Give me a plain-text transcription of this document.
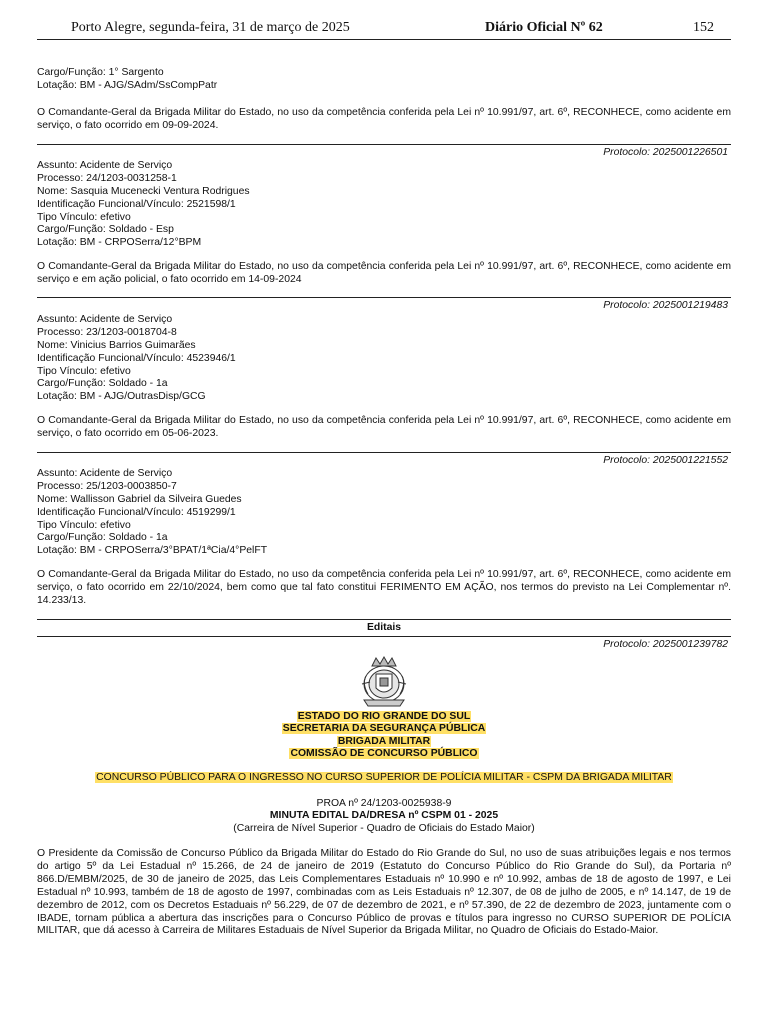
Porto Alegre, segunda-feira, 31 de março de 2025	Diário Oficial Nº 62	152
Cargo/Função: 1° Sargento
Lotação: BM - AJG/SAdm/SsCompPatr
O Comandante-Geral da Brigada Militar do Estado, no uso da competência conferida pela Lei nº 10.991/97, art. 6º, RECONHECE, como acidente em serviço, o fato ocorrido em 09-09-2024.
Protocolo: 2025001226501
Assunto: Acidente de Serviço
Processo: 24/1203-0031258-1
Nome: Sasquia Mucenecki Ventura Rodrigues
Identificação Funcional/Vínculo: 2521598/1
Tipo Vínculo: efetivo
Cargo/Função: Soldado - Esp
Lotação: BM - CRPOSerra/12°BPM
O Comandante-Geral da Brigada Militar do Estado, no uso da competência conferida pela Lei nº 10.991/97, art. 6º, RECONHECE, como acidente em serviço e em ação policial, o fato ocorrido em 14-09-2024
Protocolo: 2025001219483
Assunto: Acidente de Serviço
Processo: 23/1203-0018704-8
Nome: Vinicius Barrios Guimarães
Identificação Funcional/Vínculo: 4523946/1
Tipo Vínculo: efetivo
Cargo/Função: Soldado - 1a
Lotação: BM - AJG/OutrasDisp/GCG
O Comandante-Geral da Brigada Militar do Estado, no uso da competência conferida pela Lei nº 10.991/97, art. 6º, RECONHECE, como acidente em serviço, o fato ocorrido em 05-06-2023.
Protocolo: 2025001221552
Assunto: Acidente de Serviço
Processo: 25/1203-0003850-7
Nome: Wallisson Gabriel da Silveira Guedes
Identificação Funcional/Vínculo: 4519299/1
Tipo Vínculo: efetivo
Cargo/Função: Soldado - 1a
Lotação: BM - CRPOSerra/3°BPAT/1ªCia/4°PelFT
O Comandante-Geral da Brigada Militar do Estado, no uso da competência conferida pela Lei nº 10.991/97, art. 6º, RECONHECE, como acidente em serviço, o fato ocorrido em 22/10/2024, bem como que tal fato constitui FERIMENTO EM AÇÃO, nos termos do previsto na Lei Complementar nº. 14.233/13.
Editais
Protocolo: 2025001239782
ESTADO DO RIO GRANDE DO SUL
SECRETARIA DA SEGURANÇA PÚBLICA
BRIGADA MILITAR
COMISSÃO DE CONCURSO PÚBLICO
CONCURSO PÚBLICO PARA O INGRESSO NO CURSO SUPERIOR DE POLÍCIA MILITAR - CSPM DA BRIGADA MILITAR
PROA nº 24/1203-0025938-9
MINUTA EDITAL DA/DRESA nº CSPM 01 - 2025
(Carreira de Nível Superior - Quadro de Oficiais do Estado Maior)
O Presidente da Comissão de Concurso Público da Brigada Militar do Estado do Rio Grande do Sul, no uso de suas atribuições legais e nos termos do artigo 5º da Lei Estadual nº 15.266, de 24 de janeiro de 2019 (Estatuto do Concurso Público do Rio Grande do Sul), da Portaria nº 866.D/EMBM/2025, de 30 de janeiro de 2025, das Leis Complementares Estaduais nº 10.990 e nº 10.992, ambas de 18 de agosto de 1997, e Lei Estadual nº 10.993, também de 18 de agosto de 1997, combinadas com as Leis Estaduais nº 12.307, de 08 de julho de 2005, e nº 14.147, de 19 de dezembro de 2012, com os Decretos Estaduais nº 56.229, de 07 de dezembro de 2021, e nº 57.390, de 22 de dezembro de 2023, juntamente com o IBADE, tornam pública a abertura das inscrições para o Concurso Público de provas e títulos para ingresso no CURSO SUPERIOR DE POLÍCIA MILITAR, que dá acesso à Carreira de Militares Estaduais de Nível Superior da Brigada Militar, no Quadro de Oficiais do Estado-Maior.
